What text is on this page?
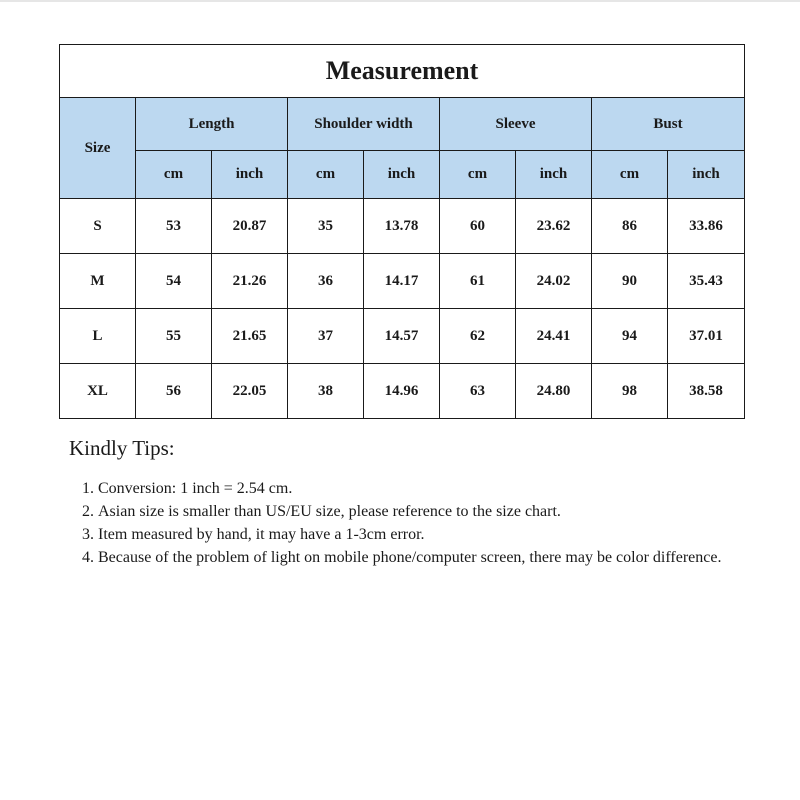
Measurement								
Size	Length		Shoulder width		Sleeve		Bust	
	cm	inch	cm	inch	cm	inch	cm	inch
S	53	20.87	35	13.78	60	23.62	86	33.86
M	54	21.26	36	14.17	61	24.02	90	35.43
L	55	21.65	37	14.57	62	24.41	94	37.01
XL	56	22.05	38	14.96	63	24.80	98	38.58
Kindly Tips:
1. Conversion: 1 inch = 2.54 cm.
2. Asian size is smaller than US/EU size, please reference to the size chart.
3. Item measured by hand, it may have a 1-3cm error.
4. Because of the problem of light on mobile phone/computer screen, there may be color difference.
